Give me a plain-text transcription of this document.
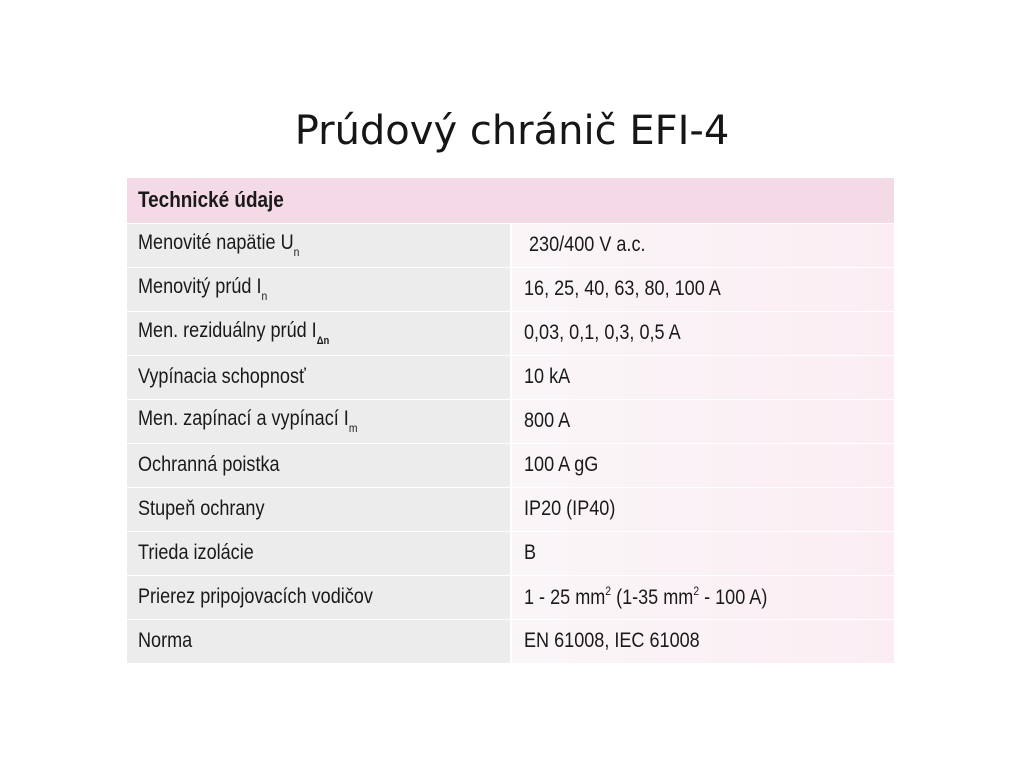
Prúdový chránič EFI-4
Technické údaje	
Menovité napätie $U_n$	230/400 V a.c.
Menovitý prúd $I_n$	16, 25, 40, 63, 80, 100 A
Men. reziduálny prúd $I_{\Delta n}$	0,03, 0,1, 0,3, 0,5 A
Vypínacia schopnosť	10 kA
Men. zapínací a vypínací $I_m$	800 A
Ochranná poistka	100 A gG
Stupeň ochrany	IP20 (IP40)
Trieda izolácie	B
Prierez pripojovacích vodičov	1 - 25 $mm^2$ (1-35 $mm^2 - 100$ A)
Norma	EN 61008, IEC 61008
